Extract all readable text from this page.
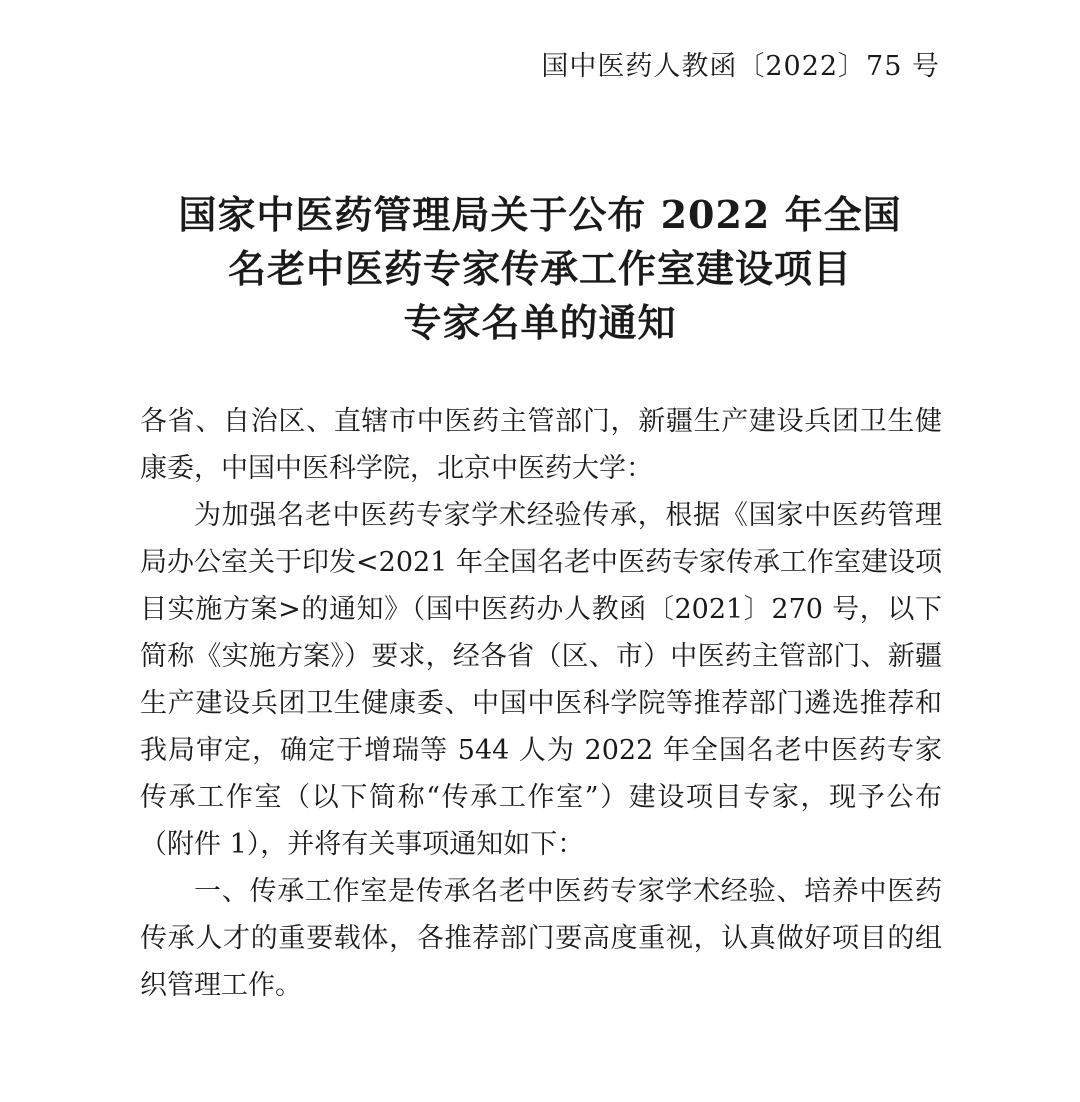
国中医药人教函〔2022〕75 号
国家中医药管理局关于公布 2022 年全国
名老中医药专家传承工作室建设项目
专家名单的通知

各省、自治区、直辖市中医药主管部门，新疆生产建设兵团卫生健康委，中国中医科学院，北京中医药大学：

为加强名老中医药专家学术经验传承，根据《国家中医药管理局办公室关于印发<2021 年全国名老中医药专家传承工作室建设项目实施方案>的通知》（国中医药办人教函〔2021〕270 号，以下简称《实施方案》）要求，经各省（区、市）中医药主管部门、新疆生产建设兵团卫生健康委、中国中医科学院等推荐部门遴选推荐和我局审定，确定于增瑞等 544 人为 2022 年全国名老中医药专家传承工作室（以下简称“传承工作室”）建设项目专家，现予公布（附件 1），并将有关事项通知如下：

一、传承工作室是传承名老中医药专家学术经验、培养中医药传承人才的重要载体，各推荐部门要高度重视，认真做好项目的组织管理工作。
